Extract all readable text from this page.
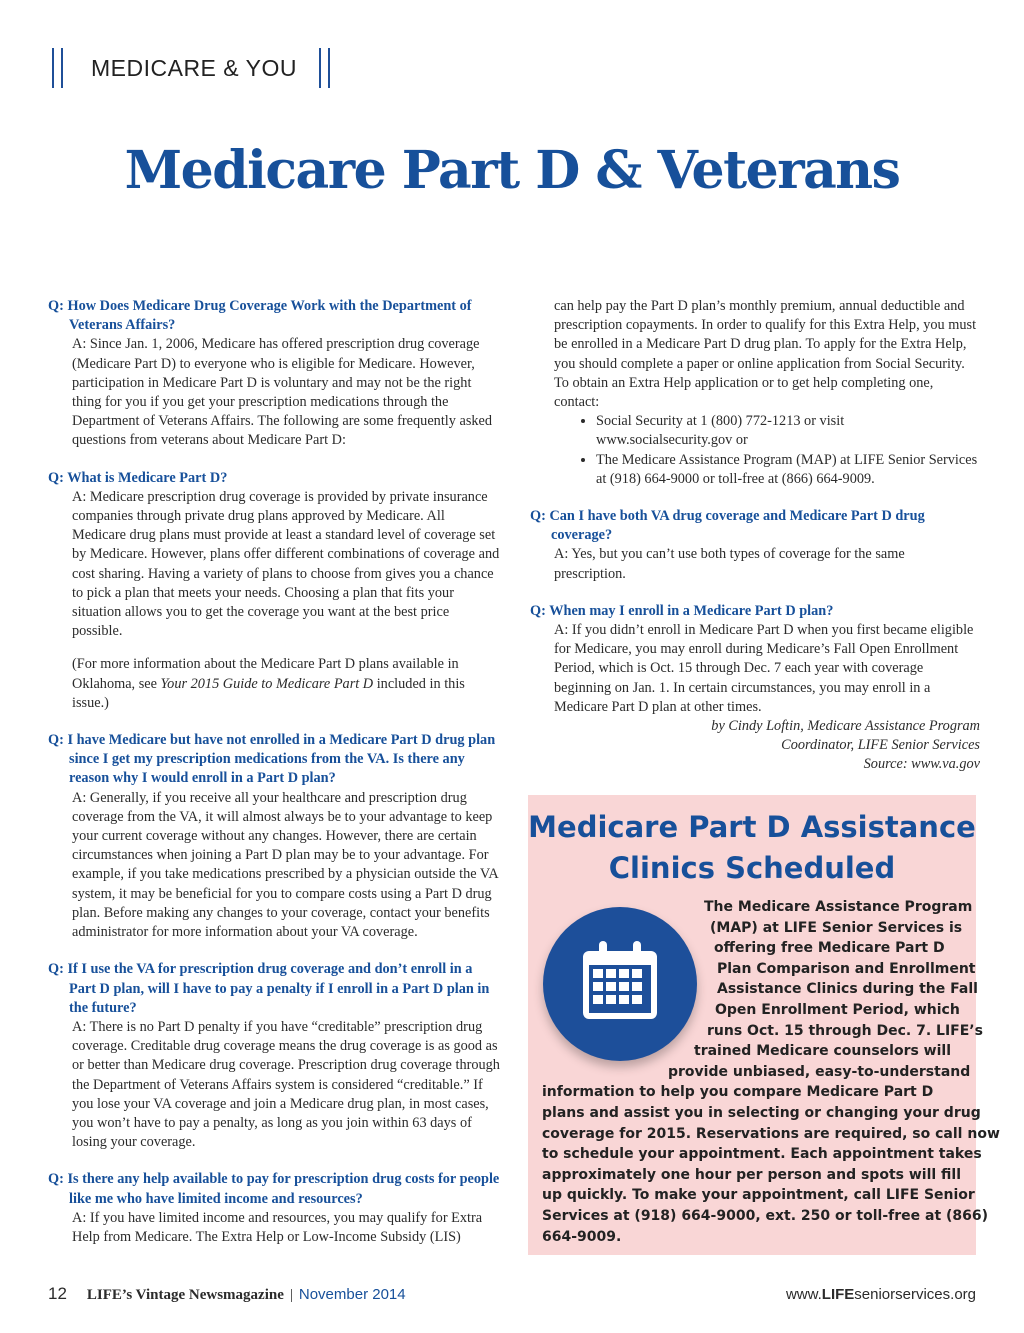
MEDICARE & YOU
Medicare Part D & Veterans

Q: How Does Medicare Drug Coverage Work with the Department of Veterans Affairs?

A: Since Jan. 1, 2006, Medicare has offered prescription drug coverage (Medicare Part D) to everyone who is eligible for Medicare. However, participation in Medicare Part D is voluntary and may not be the right thing for you if you get your prescription medications through the Department of Veterans Affairs. The following are some frequently asked questions from veterans about Medicare Part D:

Q: What is Medicare Part D?

A: Medicare prescription drug coverage is provided by private insurance companies through private drug plans approved by Medicare. All Medicare drug plans must provide at least a standard level of coverage set by Medicare. However, plans offer different combinations of coverage and cost sharing. Having a variety of plans to choose from gives you a chance to pick a plan that meets your needs. Choosing a plan that fits your situation allows you to get the coverage you want at the best price possible.

(For more information about the Medicare Part D plans available in Oklahoma, see Your 2015 Guide to Medicare Part D included in this issue.)

Q: I have Medicare but have not enrolled in a Medicare Part D drug plan since I get my prescription medications from the VA. Is there any reason why I would enroll in a Part D plan?

A: Generally, if you receive all your healthcare and prescription drug coverage from the VA, it will almost always be to your advantage to keep your current coverage without any changes. However, there are certain circumstances when joining a Part D plan may be to your advantage. For example, if you take medications prescribed by a physician outside the VA system, it may be beneficial for you to compare costs using a Part D drug plan. Before making any changes to your coverage, contact your benefits administrator for more information about your VA coverage.

Q: If I use the VA for prescription drug coverage and don’t enroll in a Part D plan, will I have to pay a penalty if I enroll in a Part D plan in the future?

A: There is no Part D penalty if you have “creditable” prescription drug coverage. Creditable drug coverage means the drug coverage is as good as or better than Medicare drug coverage. Prescription drug coverage through the Department of Veterans Affairs system is considered “creditable.” If you lose your VA coverage and join a Medicare drug plan, in most cases, you won’t have to pay a penalty, as long as you join within 63 days of losing your coverage.

Q: Is there any help available to pay for prescription drug costs for people like me who have limited income and resources?

A: If you have limited income and resources, you may qualify for Extra Help from Medicare. The Extra Help or Low-Income Subsidy (LIS)

can help pay the Part D plan’s monthly premium, annual deductible and prescription copayments. In order to qualify for this Extra Help, you must be enrolled in a Medicare Part D drug plan. To apply for the Extra Help, you should complete a paper or online application from Social Security. To obtain an Extra Help application or to get help completing one, contact:

• Social Security at 1 (800) 772-1213 or visit www.socialsecurity.gov or
• The Medicare Assistance Program (MAP) at LIFE Senior Services at (918) 664-9000 or toll-free at (866) 664-9009.

Q: Can I have both VA drug coverage and Medicare Part D drug coverage?

A: Yes, but you can’t use both types of coverage for the same prescription.

Q: When may I enroll in a Medicare Part D plan?

A: If you didn’t enroll in Medicare Part D when you first became eligible for Medicare, you may enroll during Medicare’s Fall Open Enrollment Period, which is Oct. 15 through Dec. 7 each year with coverage beginning on Jan. 1. In certain circumstances, you may enroll in a Medicare Part D plan at other times.

by Cindy Loftin, Medicare Assistance Program

Coordinator, LIFE Senior Services

Source: www.va.gov

Medicare Part D Assistance
Clinics Scheduled
The Medicare Assistance Program
(MAP) at LIFE Senior Services is
offering free Medicare Part D
Plan Comparison and Enrollment
Assistance Clinics during the Fall
Open Enrollment Period, which
runs Oct. 15 through Dec. 7. LIFE’s
trained Medicare counselors will
provide unbiased, easy-to-understand
information to help you compare Medicare Part D
plans and assist you in selecting or changing your drug
coverage for 2015. Reservations are required, so call now
to schedule your appointment. Each appointment takes
approximately one hour per person and spots will fill
up quickly. To make your appointment, call LIFE Senior
Services at (918) 664-9000, ext. 250 or toll-free at (866)
664-9009.
12 LIFE’s Vintage Newsmagazine | November 2014	www.LIFEseniorservices.org
